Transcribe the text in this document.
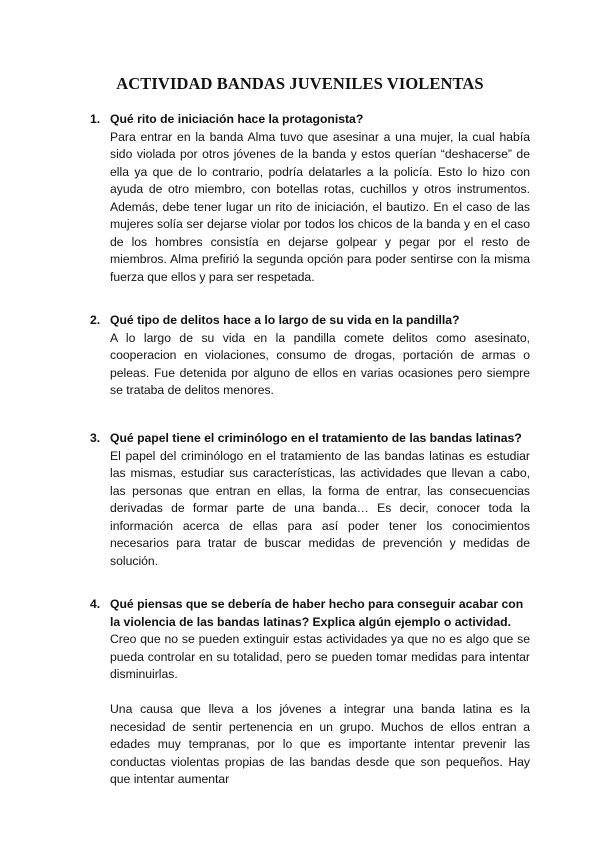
ACTIVIDAD BANDAS JUVENILES VIOLENTAS
1. Qué rito de iniciación hace la protagonista?

Para entrar en la banda Alma tuvo que asesinar a una mujer, la cual había sido violada por otros jóvenes de la banda y estos querían “deshacerse” de ella ya que de lo contrario, podría delatarles a la policía. Esto lo hizo con ayuda de otro miembro, con botellas rotas, cuchillos y otros instrumentos. Además, debe tener lugar un rito de iniciación, el bautizo. En el caso de las mujeres solía ser dejarse violar por todos los chicos de la banda y en el caso de los hombres consistía en dejarse golpear y pegar por el resto de miembros. Alma prefirió la segunda opción para poder sentirse con la misma fuerza que ellos y para ser respetada.

2. Qué tipo de delitos hace a lo largo de su vida en la pandilla?

A lo largo de su vida en la pandilla comete delitos como asesinato, cooperacion en violaciones, consumo de drogas, portación de armas o peleas. Fue detenida por alguno de ellos en varias ocasiones pero siempre se trataba de delitos menores.

3. Qué papel tiene el criminólogo en el tratamiento de las bandas latinas?

El papel del criminólogo en el tratamiento de las bandas latinas es estudiar las mismas, estudiar sus características, las actividades que llevan a cabo, las personas que entran en ellas, la forma de entrar, las consecuencias derivadas de formar parte de una banda… Es decir, conocer toda la información acerca de ellas para así poder tener los conocimientos necesarios para tratar de buscar medidas de prevención y medidas de solución.

4. Qué piensas que se debería de haber hecho para conseguir acabar con la violencia de las bandas latinas? Explica algún ejemplo o actividad.

Creo que no se pueden extinguir estas actividades ya que no es algo que se pueda controlar en su totalidad, pero se pueden tomar medidas para intentar disminuirlas.

Una causa que lleva a los jóvenes a integrar una banda latina es la necesidad de sentir pertenencia en un grupo. Muchos de ellos entran a edades muy tempranas, por lo que es importante intentar prevenir las conductas violentas propias de las bandas desde que son pequeños. Hay que intentar aumentar
